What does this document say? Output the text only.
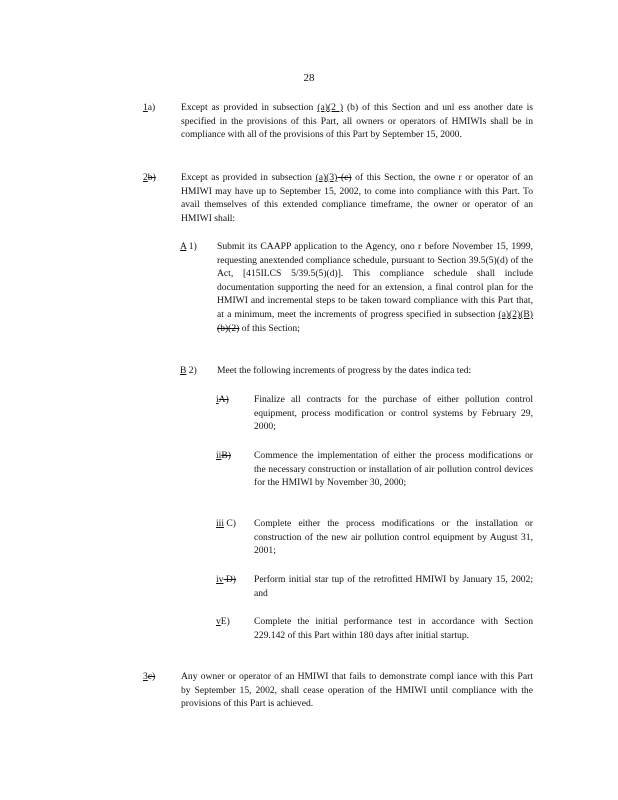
28
1a)	Except as provided in subsection (a)(2 ) (b) of this Section and unl ess another date is specified in the provisions of this Part, all owners or operators of HMIWIs shall be in compliance with all of the provisions of this Part by September 15, 2000.
2b)	Except as provided in subsection (a)(3) (c) of this Section, the owne r or operator of an HMIWI may have up to September 15, 2002, to come into compliance with this Part. To avail themselves of this extended compliance timeframe, the owner or operator of an HMIWI shall:
A 1) Submit its CAAPP application to the Agency, ono r before November 15, 1999, requesting anextended compliance schedule, pursuant to Section 39.5(5)(d) of the Act, [415ILCS 5/39.5(5)(d)]. This compliance schedule shall include documentation supporting the need for an extension, a final control plan for the HMIWI and incremental steps to be taken toward compliance with this Part that, at a minimum, meet the increments of progress specified in subsection (a)(2)(B) (b)(2) of this Section;
B 2) Meet the following increments of progress by the dates indica ted:
iA)	Finalize all contracts for the purchase of either pollution control equipment, process modification or control systems by February 29, 2000;
iiB) Commence the implementation of either the process modifications or the necessary construction or installation of air pollution control devices for the HMIWI by November 30, 2000;
iii C) Complete either the process modifications or the installation or construction of the new air pollution control equipment by August 31, 2001;
iv D) Perform initial star tup of the retrofitted HMIWI by January 15, 2002; and
vE)	Complete the initial performance test in accordance with Section 229.142 of this Part within 180 days after initial startup.
3c)	Any owner or operator of an HMIWI that fails to demonstrate compl iance with this Part by September 15, 2002, shall cease operation of the HMIWI until compliance with the provisions of this Part is achieved.
